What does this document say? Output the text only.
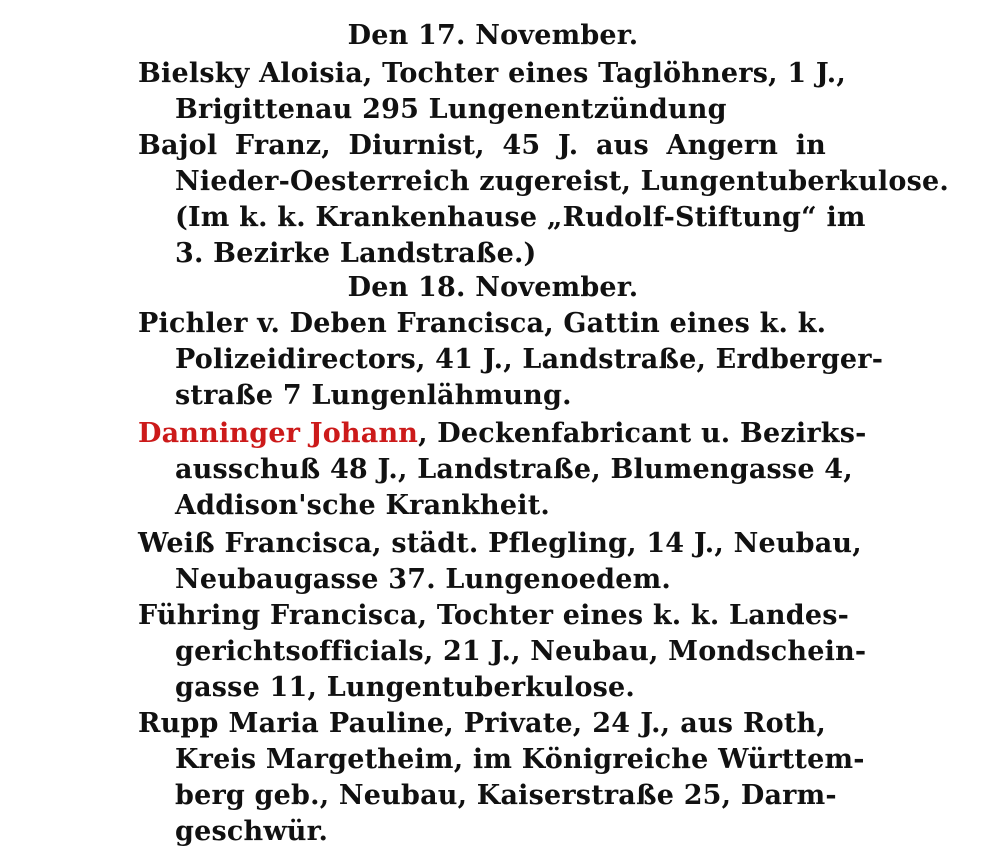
Den 17. November.
Bielsky Aloisia, Tochter eines Taglöhners, 1 J.,
Brigittenau 295 Lungenentzündung
Bajol Franz, Diurnist, 45 J. aus Angern in
Nieder-Oesterreich zugereist, Lungentuberkulose.
(Im k. k. Krankenhause „Rudolf-Stiftung“ im
3. Bezirke Landstraße.)
Den 18. November.
Pichler v. Deben Francisca, Gattin eines k. k.
Polizeidirectors, 41 J., Landstraße, Erdberger-
straße 7 Lungenlähmung.
Danninger Johann, Deckenfabricant u. Bezirks-
ausschuß 48 J., Landstraße, Blumengasse 4,
Addison'sche Krankheit.
Weiß Francisca, städt. Pflegling, 14 J., Neubau,
Neubaugasse 37. Lungenoedem.
Führing Francisca, Tochter eines k. k. Landes-
gerichtsofficials, 21 J., Neubau, Mondschein-
gasse 11, Lungentuberkulose.
Rupp Maria Pauline, Private, 24 J., aus Roth,
Kreis Margetheim, im Königreiche Württem-
berg geb., Neubau, Kaiserstraße 25, Darm-
geschwür.
